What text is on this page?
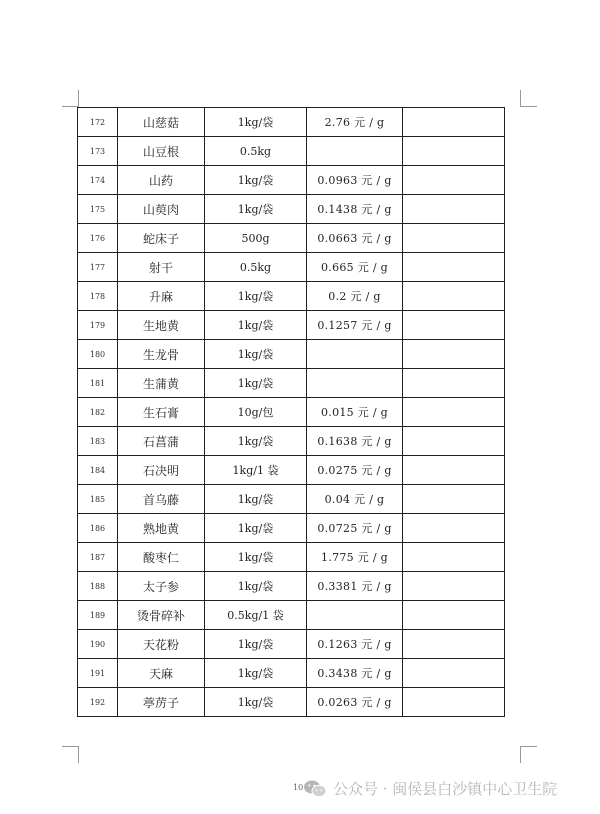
172	山慈菇	1kg/袋	2.76 元 / g	
173	山豆根	0.5kg		
174	山药	1kg/袋	0.0963 元 / g	
175	山萸肉	1kg/袋	0.1438 元 / g	
176	蛇床子	500g	0.0663 元 / g	
177	射干	0.5kg	0.665 元 / g	
178	升麻	1kg/袋	0.2 元 / g	
179	生地黄	1kg/袋	0.1257 元 / g	
180	生龙骨	1kg/袋		
181	生蒲黄	1kg/袋		
182	生石膏	10g/包	0.015 元 / g	
183	石菖蒲	1kg/袋	0.1638 元 / g	
184	石决明	1kg/1 袋	0.0275 元 / g	
185	首乌藤	1kg/袋	0.04 元 / g	
186	熟地黄	1kg/袋	0.0725 元 / g	
187	酸枣仁	1kg/袋	1.775 元 / g	
188	太子参	1kg/袋	0.3381 元 / g	
189	烫骨碎补	0.5kg/1 袋		
190	天花粉	1kg/袋	0.1263 元 / g	
191	天麻	1kg/袋	0.3438 元 / g	
192	葶苈子	1kg/袋	0.0263 元 / g	
10 公众号 · 闽侯县白沙镇中心卫生院
